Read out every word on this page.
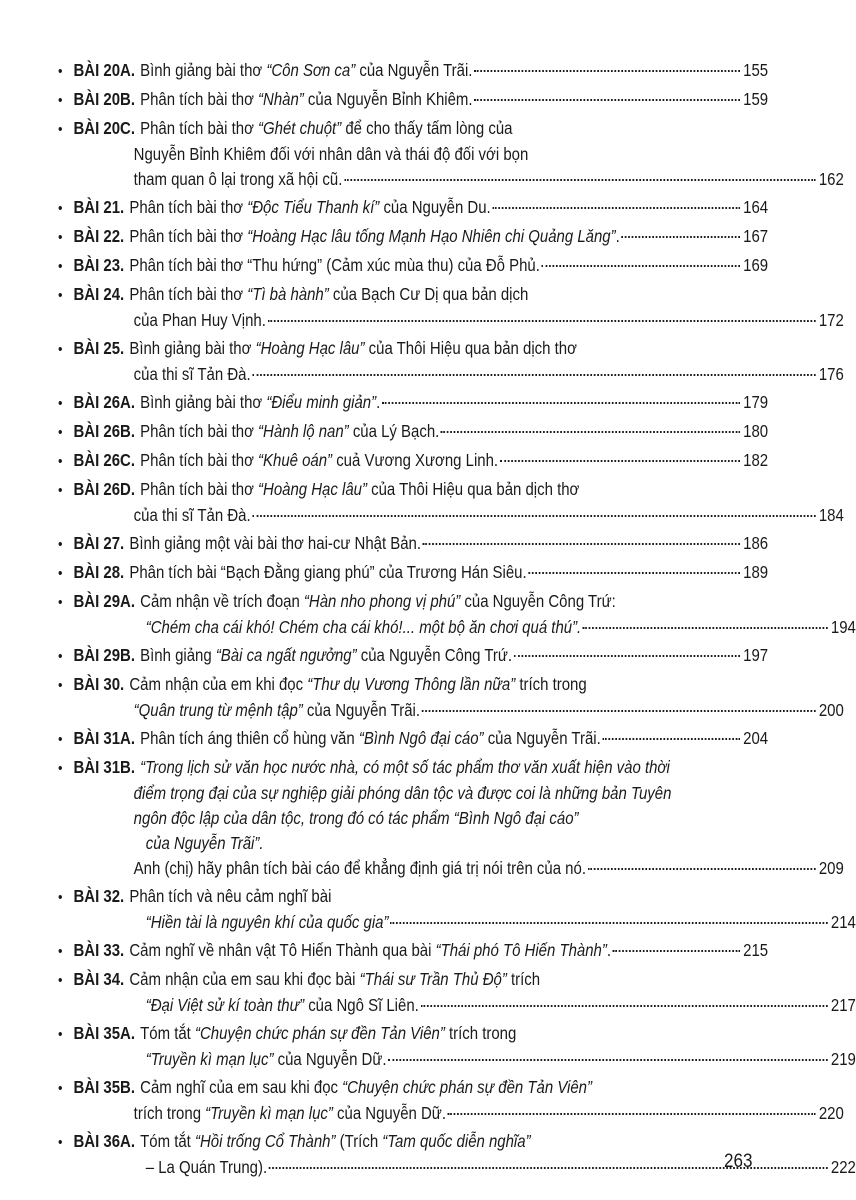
• BÀI 20A. Bình giảng bài thơ “Côn Sơn ca” của Nguyễn Trãi.	155
• BÀI 20B. Phân tích bài thơ “Nhàn” của Nguyễn Bỉnh Khiêm.	159
• BÀI 20C. Phân tích bài thơ “Ghét chuột” để cho thấy tấm lòng của
Nguyễn Bỉnh Khiêm đối với nhân dân và thái độ đối với bọn
tham quan ô lại trong xã hội cũ.	162
• BÀI 21. Phân tích bài thơ “Độc Tiểu Thanh kí” của Nguyễn Du.	164
• BÀI 22. Phân tích bài thơ “Hoàng Hạc lâu tống Mạnh Hạo Nhiên chi Quảng Lăng”.	167
• BÀI 23. Phân tích bài thơ “Thu hứng” (Cảm xúc mùa thu) của Đỗ Phủ.	169
• BÀI 24. Phân tích bài thơ “Tì bà hành” của Bạch Cư Dị qua bản dịch
của Phan Huy Vịnh.	172
• BÀI 25. Bình giảng bài thơ “Hoàng Hạc lâu” của Thôi Hiệu qua bản dịch thơ
của thi sĩ Tản Đà.	176
• BÀI 26A. Bình giảng bài thơ “Điểu minh giản”.	179
• BÀI 26B. Phân tích bài thơ “Hành lộ nan” của Lý Bạch.	180
• BÀI 26C. Phân tích bài thơ “Khuê oán” cuả Vương Xương Linh.	182
• BÀI 26D. Phân tích bài thơ “Hoàng Hạc lâu” của Thôi Hiệu qua bản dịch thơ
của thi sĩ Tản Đà.	184
• BÀI 27. Bình giảng một vài bài thơ hai-cư Nhật Bản.	186
• BÀI 28. Phân tích bài “Bạch Đằng giang phú” của Trương Hán Siêu.	189
• BÀI 29A. Cảm nhận về trích đoạn “Hàn nho phong vị phú” của Nguyễn Công Trứ:
“Chém cha cái khó! Chém cha cái khó!... một bộ ăn chơi quá thú”.	194
• BÀI 29B. Bình giảng “Bài ca ngất ngưởng” của Nguyễn Công Trứ.	197
• BÀI 30. Cảm nhận của em khi đọc “Thư dụ Vương Thông lần nữa” trích trong
“Quân trung từ mệnh tập” của Nguyễn Trãi.	200
• BÀI 31A. Phân tích áng thiên cổ hùng văn “Bình Ngô đại cáo” của Nguyễn Trãi.	204
• BÀI 31B. “Trong lịch sử văn học nước nhà, có một số tác phẩm thơ văn xuất hiện vào thời
điểm trọng đại của sự nghiệp giải phóng dân tộc và được coi là những bản Tuyên
ngôn độc lập của dân tộc, trong đó có tác phẩm “Bình Ngô đại cáo”
của Nguyễn Trãi”.
Anh (chị) hãy phân tích bài cáo để khẳng định giá trị nói trên của nó.	209
• BÀI 32. Phân tích và nêu cảm nghĩ bài
“Hiền tài là nguyên khí của quốc gia”	214
• BÀI 33. Cảm nghĩ về nhân vật Tô Hiến Thành qua bài “Thái phó Tô Hiến Thành”.	215
• BÀI 34. Cảm nhận của em sau khi đọc bài “Thái sư Trần Thủ Độ” trích
“Đại Việt sử kí toàn thư” của Ngô Sĩ Liên.	217
• BÀI 35A. Tóm tắt “Chuyện chức phán sự đền Tản Viên” trích trong
“Truyền kì mạn lục” của Nguyễn Dữ.	219
• BÀI 35B. Cảm nghĩ của em sau khi đọc “Chuyện chức phán sự đền Tản Viên”
trích trong “Truyền kì mạn lục” của Nguyễn Dữ.	220
• BÀI 36A. Tóm tắt “Hồi trống Cổ Thành” (Trích “Tam quốc diễn nghĩa”
– La Quán Trung).	222
263
